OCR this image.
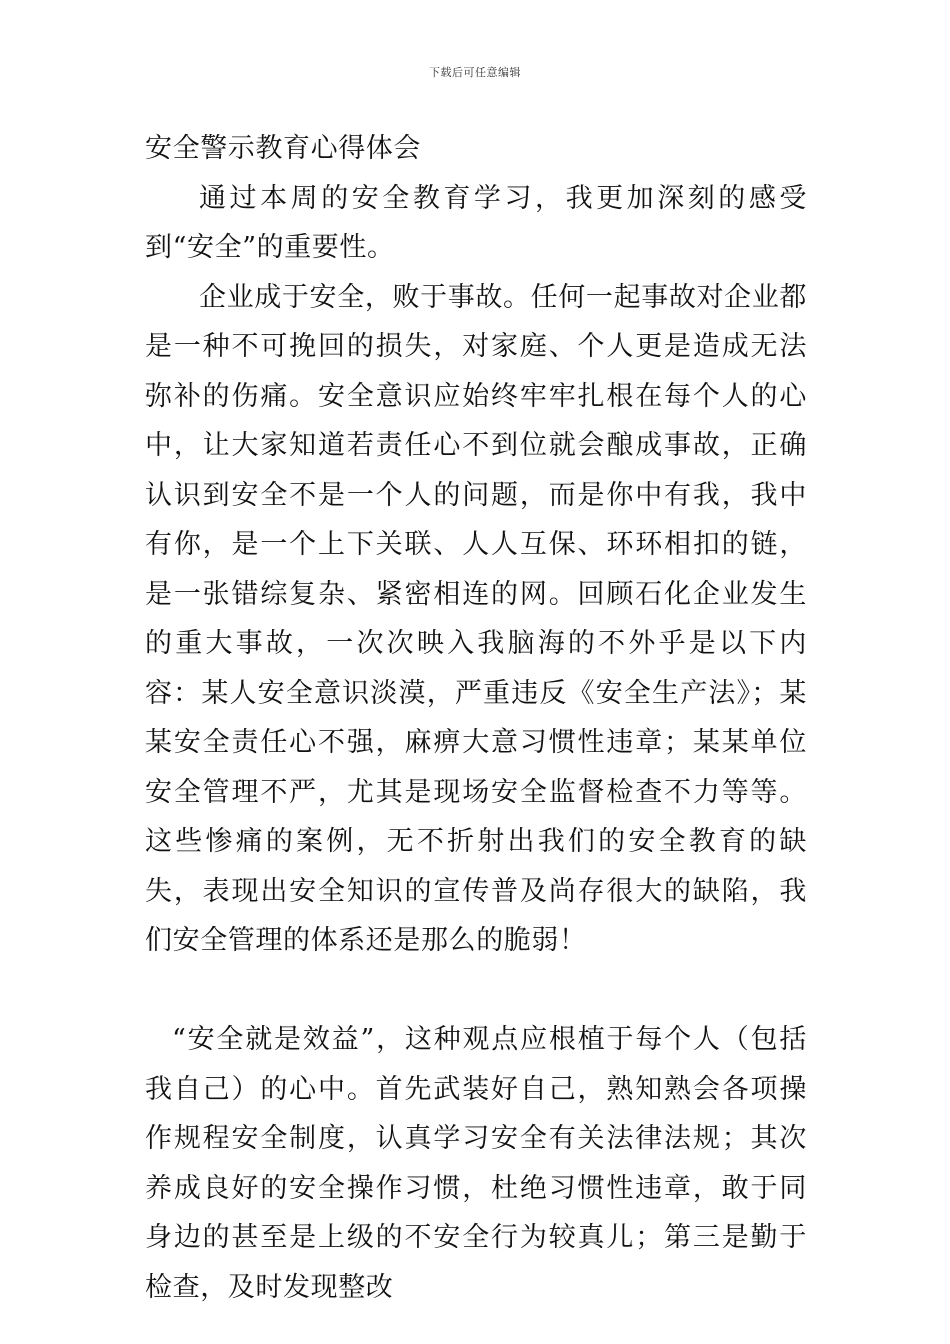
下载后可任意编辑
安全警示教育心得体会

通过本周的安全教育学习，我更加深刻的感受到“安全”的重要性。

企业成于安全，败于事故。任何一起事故对企业都是一种不可挽回的损失，对家庭、个人更是造成无法弥补的伤痛。安全意识应始终牢牢扎根在每个人的心中，让大家知道若责任心不到位就会酿成事故，正确认识到安全不是一个人的问题，而是你中有我，我中有你，是一个上下关联、人人互保、环环相扣的链，是一张错综复杂、紧密相连的网。回顾石化企业发生的重大事故，一次次映入我脑海的不外乎是以下内容：某人安全意识淡漠，严重违反《安全生产法》；某某安全责任心不强，麻痹大意习惯性违章；某某单位安全管理不严，尤其是现场安全监督检查不力等等。这些惨痛的案例，无不折射出我们的安全教育的缺失，表现出安全知识的宣传普及尚存很大的缺陷，我们安全管理的体系还是那么的脆弱！

“安全就是效益”，这种观点应根植于每个人（包括我自己）的心中。首先武装好自己，熟知熟会各项操作规程安全制度，认真学习安全有关法律法规；其次养成良好的安全操作习惯，杜绝习惯性违章，敢于同身边的甚至是上级的不安全行为较真儿；第三是勤于检查，及时发现整改
